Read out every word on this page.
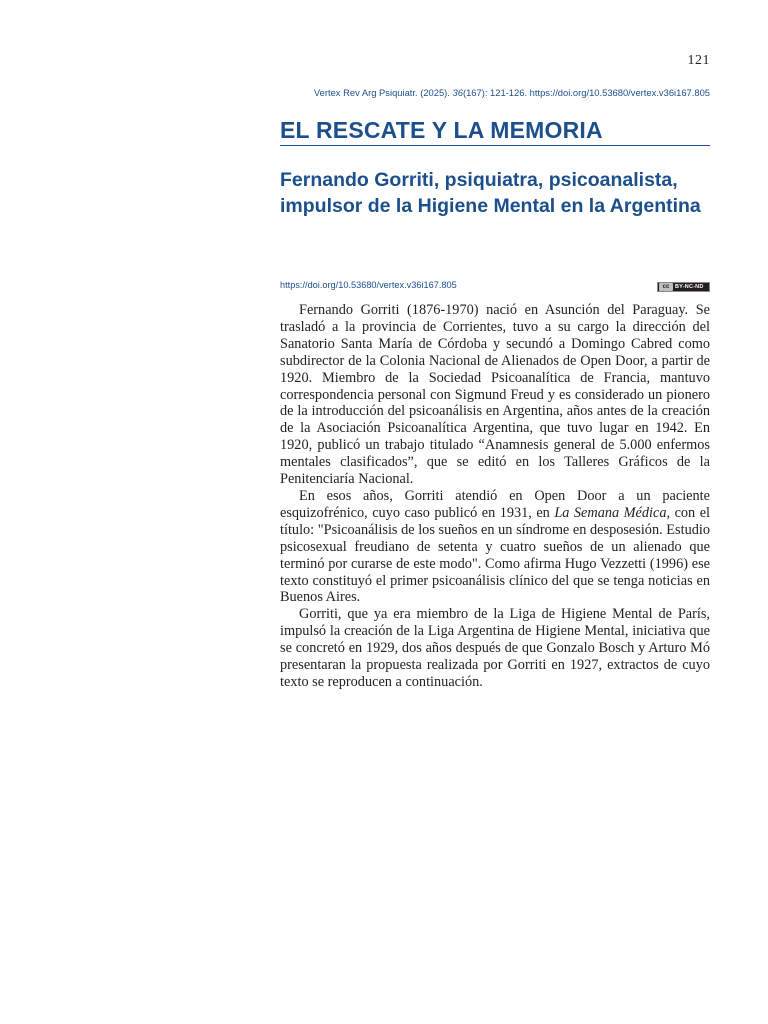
121
Vertex Rev Arg Psiquiatr. (2025). 36(167): 121-126. https://doi.org/10.53680/vertex.v36i167.805
EL RESCATE Y LA MEMORIA
Fernando Gorriti, psiquiatra, psicoanalista, impulsor de la Higiene Mental en la Argentina
https://doi.org/10.53680/vertex.v36i167.805	cc	BY-NC-ND

Fernando Gorriti (1876-1970) nació en Asunción del Paraguay. Se trasladó a la provincia de Corrientes, tuvo a su cargo la dirección del Sanatorio Santa María de Córdoba y secundó a Domingo Cabred como subdirector de la Colonia Nacional de Alienados de Open Door, a partir de 1920. Miembro de la Sociedad Psicoanalítica de Francia, mantuvo correspondencia personal con Sigmund Freud y es considerado un pionero de la introducción del psicoanálisis en Argentina, años antes de la creación de la Asociación Psicoanalítica Argentina, que tuvo lugar en 1942. En 1920, publicó un trabajo titulado “Anamnesis general de 5.000 enfermos mentales clasificados”, que se editó en los Talleres Gráficos de la Penitenciaría Nacional.

En esos años, Gorriti atendió en Open Door a un paciente esquizofrénico, cuyo caso publicó en 1931, en La Semana Médica, con el título: "Psicoanálisis de los sueños en un síndrome en desposesión. Estudio psicosexual freudiano de setenta y cuatro sueños de un alienado que terminó por curarse de este modo". Como afirma Hugo Vezzetti (1996) ese texto constituyó el primer psicoanálisis clínico del que se tenga noticias en Buenos Aires.

Gorriti, que ya era miembro de la Liga de Higiene Mental de París, impulsó la creación de la Liga Argentina de Higiene Mental, iniciativa que se concretó en 1929, dos años después de que Gonzalo Bosch y Arturo Mó presentaran la propuesta realizada por Gorriti en 1927, extractos de cuyo texto se reproducen a continuación.
